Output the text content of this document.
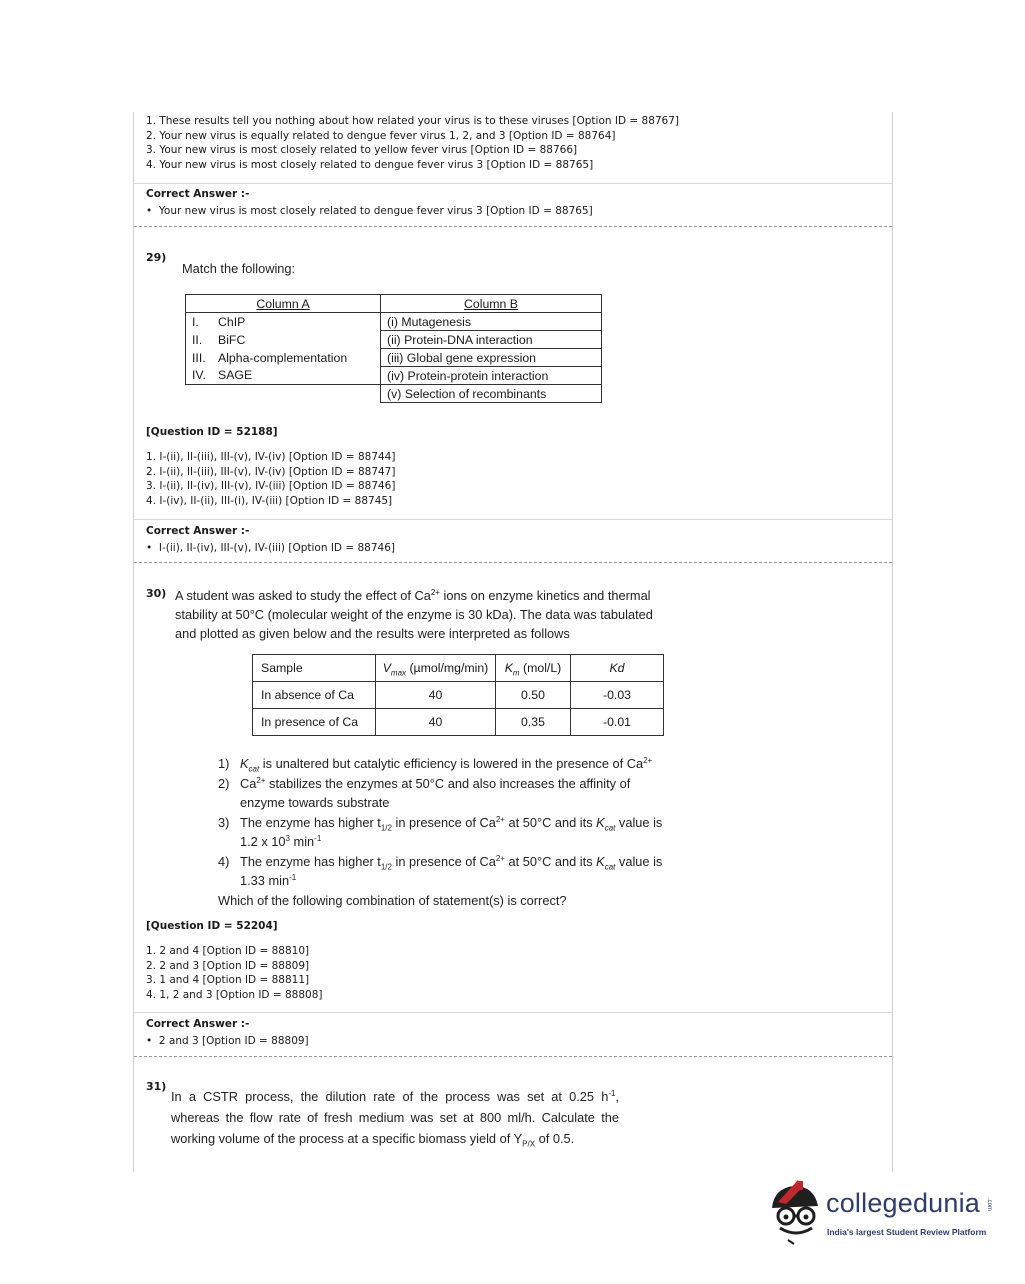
1. These results tell you nothing about how related your virus is to these viruses [Option ID = 88767]

2. Your new virus is equally related to dengue fever virus 1, 2, and 3 [Option ID = 88764]

3. Your new virus is most closely related to yellow fever virus [Option ID = 88766]

4. Your new virus is most closely related to dengue fever virus 3 [Option ID = 88765]

Correct Answer :-
• Your new virus is most closely related to dengue fever virus 3 [Option ID = 88765]
29)
Match the following:
Column A	Column B
I. ChIP	(i) Mutagenesis
II. BiFC	(ii) Protein-DNA interaction
III. Alpha-complementation	(iii) Global gene expression
IV. SAGE	(iv) Protein-protein interaction
	(v) Selection of recombinants
[Question ID = 52188]

1. I-(ii), II-(iii), III-(v), IV-(iv) [Option ID = 88744]

2. I-(ii), II-(iii), III-(v), IV-(iv) [Option ID = 88747]

3. I-(ii), II-(iv), III-(v), IV-(iii) [Option ID = 88746]

4. I-(iv), II-(ii), III-(i), IV-(iii) [Option ID = 88745]

Correct Answer :-
• I-(ii), II-(iv), III-(v), IV-(iii) [Option ID = 88746]
30) A student was asked to study the effect of $Ca^{2+}$ ions on enzyme kinetics and thermal
stability at 50°C (molecular weight of the enzyme is 30 kDa). The data was tabulated
and plotted as given below and the results were interpreted as follows
Sample	$V_{max}$ (µmol/mg/min)	$K_m$ (mol/L)	Kd
In absence of Ca	40	0.50	-0.03
In presence of Ca	40	0.35	-0.01
1) $K_{cat}$ is unaltered but catalytic efficiency is lowered in the presence of $Ca^{2+}$
2) $Ca^{2+}$ stabilizes the enzymes at 50°C and also increases the affinity of
enzyme towards substrate
3) The enzyme has higher $t_{1/2}$ in presence of $Ca^{2+}$ at 50°C and its $K_{cat}$ value is
1.2 x $10^3$ $\min^{-1}$
4) The enzyme has higher $t_{1/2}$ in presence of $Ca^{2+}$ at 50°C and its $K_{cat}$ value is
1.33 $\min^{-1}$
Which of the following combination of statement(s) is correct?
[Question ID = 52204]

1. 2 and 4 [Option ID = 88810]

2. 2 and 3 [Option ID = 88809]

3. 1 and 4 [Option ID = 88811]

4. 1, 2 and 3 [Option ID = 88808]

Correct Answer :-
• 2 and 3 [Option ID = 88809]
31)
In a CSTR process, the dilution rate of the process was set at 0.25 $h^{-1}$,
whereas the flow rate of fresh medium was set at 800 ml/h. Calculate the
working volume of the process at a specific biomass yield of $Y_{P/X}$ of 0.5.
collegedunia .com
India's largest Student Review Platform
